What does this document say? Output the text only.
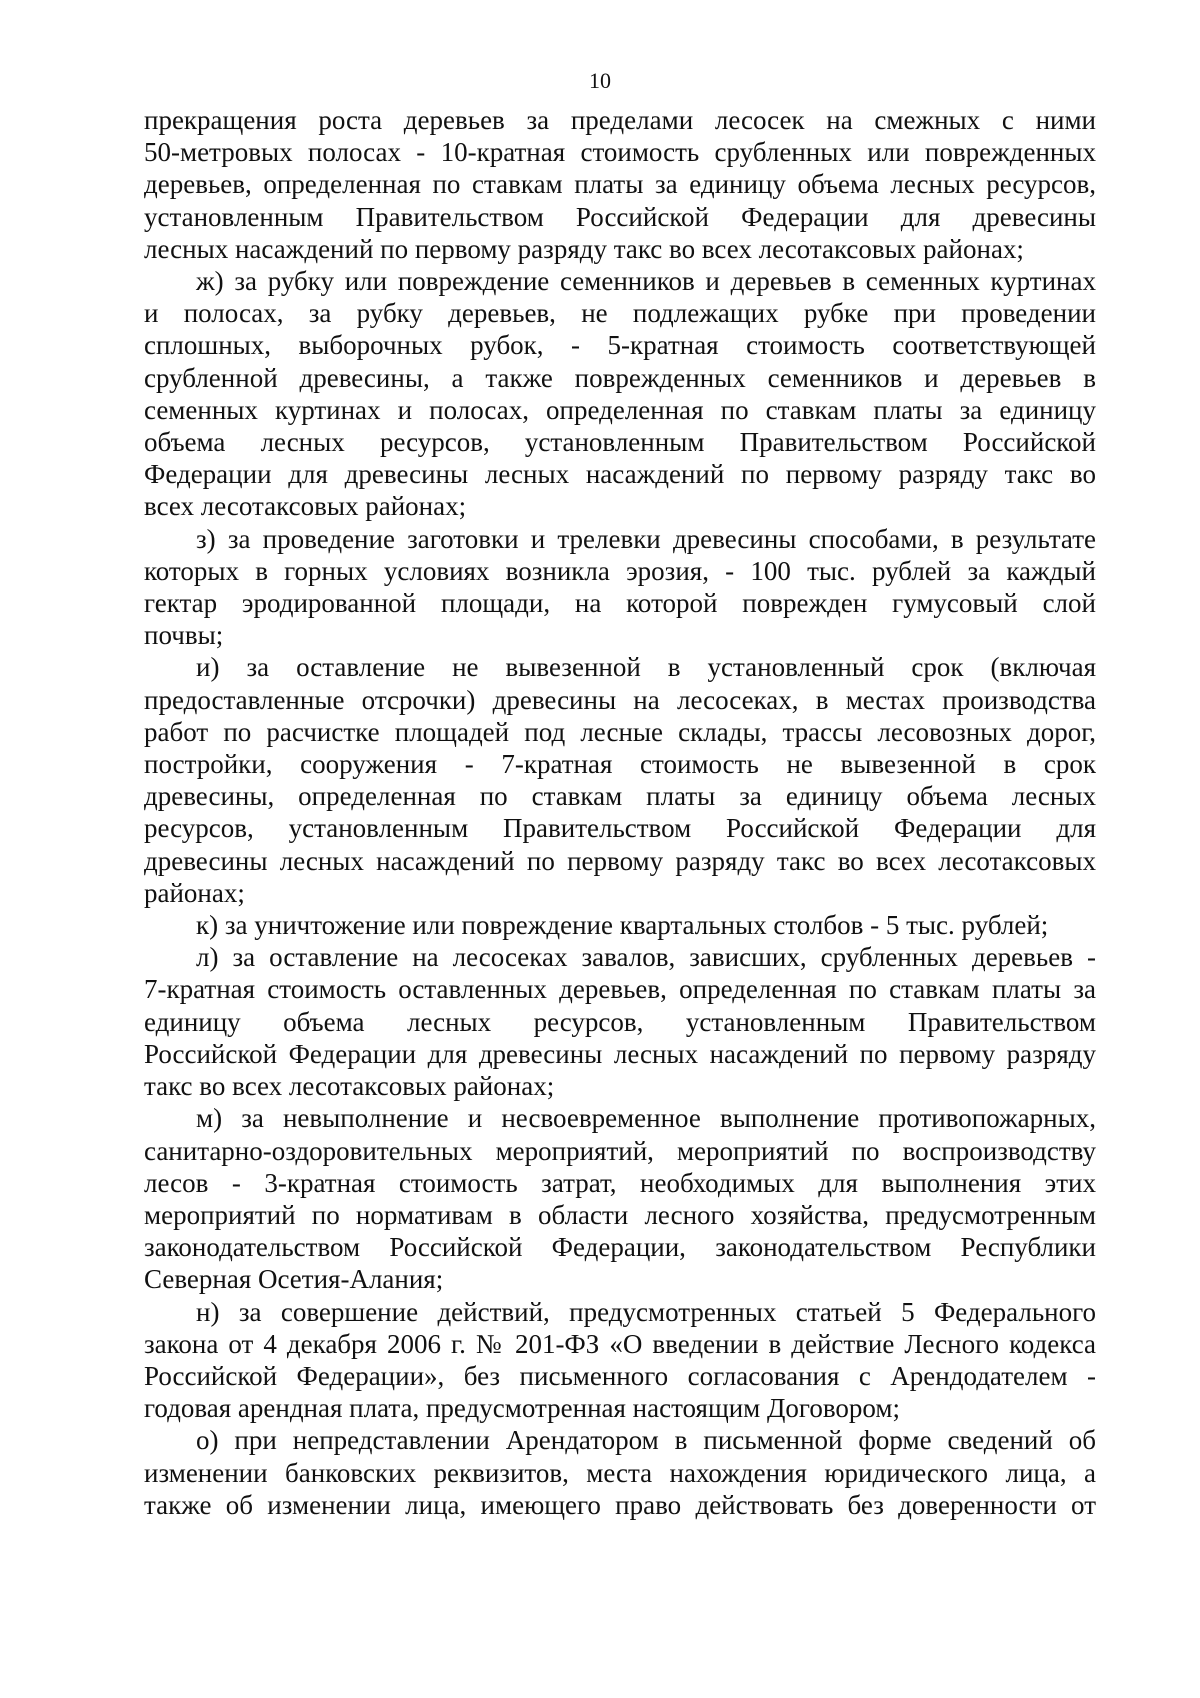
10
прекращения роста деревьев за пределами лесосек на смежных с ними
50-метровых полосах - 10-кратная стоимость срубленных или поврежденных
деревьев, определенная по ставкам платы за единицу объема лесных ресурсов,
установленным Правительством Российской Федерации для древесины
лесных насаждений по первому разряду такс во всех лесотаксовых районах;
ж) за рубку или повреждение семенников и деревьев в семенных куртинах
и полосах, за рубку деревьев, не подлежащих рубке при проведении
сплошных, выборочных рубок, - 5-кратная стоимость соответствующей
срубленной древесины, а также поврежденных семенников и деревьев в
семенных куртинах и полосах, определенная по ставкам платы за единицу
объема лесных ресурсов, установленным Правительством Российской
Федерации для древесины лесных насаждений по первому разряду такс во
всех лесотаксовых районах;
з) за проведение заготовки и трелевки древесины способами, в результате
которых в горных условиях возникла эрозия, - 100 тыс. рублей за каждый
гектар эродированной площади, на которой поврежден гумусовый слой
почвы;
и) за оставление не вывезенной в установленный срок (включая
предоставленные отсрочки) древесины на лесосеках, в местах производства
работ по расчистке площадей под лесные склады, трассы лесовозных дорог,
постройки, сооружения - 7-кратная стоимость не вывезенной в срок
древесины, определенная по ставкам платы за единицу объема лесных
ресурсов, установленным Правительством Российской Федерации для
древесины лесных насаждений по первому разряду такс во всех лесотаксовых
районах;
к) за уничтожение или повреждение квартальных столбов - 5 тыс. рублей;
л) за оставление на лесосеках завалов, зависших, срубленных деревьев -
7-кратная стоимость оставленных деревьев, определенная по ставкам платы за
единицу объема лесных ресурсов, установленным Правительством
Российской Федерации для древесины лесных насаждений по первому разряду
такс во всех лесотаксовых районах;
м) за невыполнение и несвоевременное выполнение противопожарных,
санитарно-оздоровительных мероприятий, мероприятий по воспроизводству
лесов - 3-кратная стоимость затрат, необходимых для выполнения этих
мероприятий по нормативам в области лесного хозяйства, предусмотренным
законодательством Российской Федерации, законодательством Республики
Северная Осетия-Алания;
н) за совершение действий, предусмотренных статьей 5 Федерального
закона от 4 декабря 2006 г. № 201-ФЗ «О введении в действие Лесного кодекса
Российской Федерации», без письменного согласования с Арендодателем -
годовая арендная плата, предусмотренная настоящим Договором;
о) при непредставлении Арендатором в письменной форме сведений об
изменении банковских реквизитов, места нахождения юридического лица, а
также об изменении лица, имеющего право действовать без доверенности от
